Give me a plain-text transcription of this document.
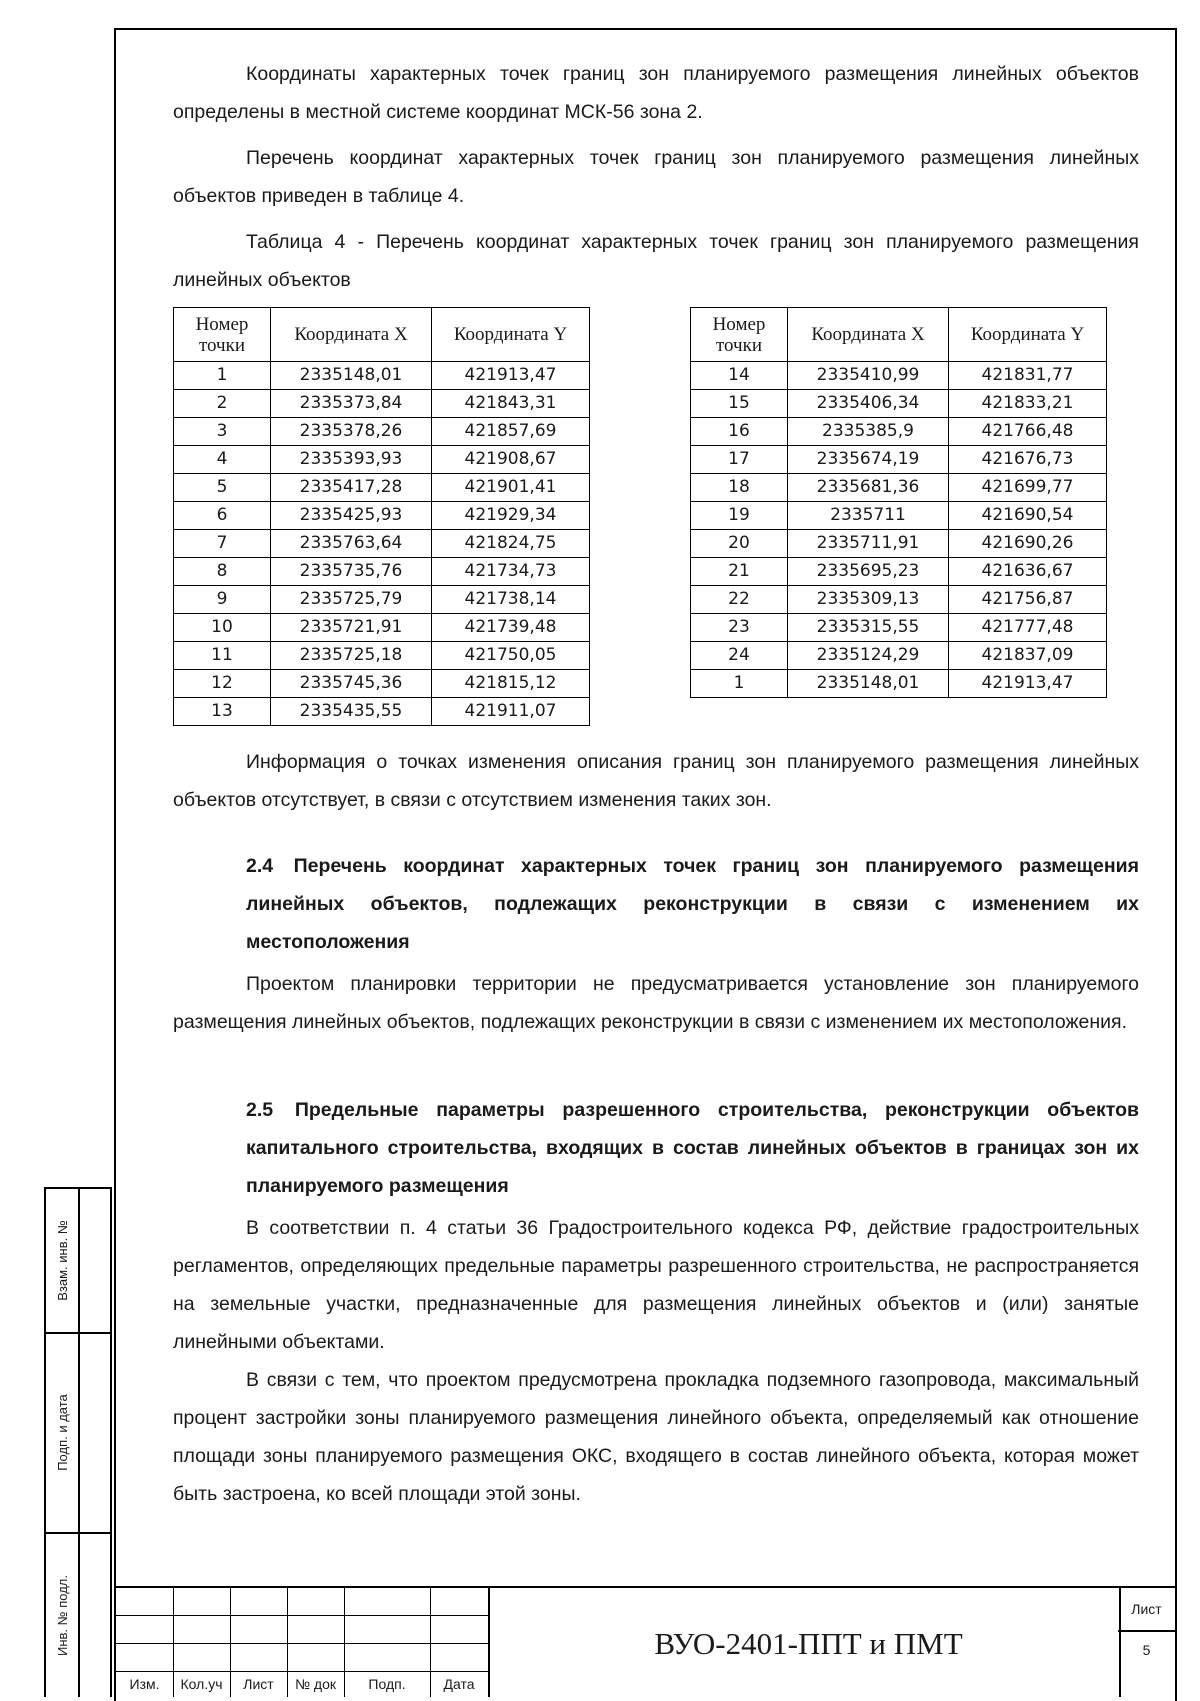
Координаты характерных точек границ зон планируемого размещения линейных объектов определены в местной системе координат МСК-56 зона 2.

Перечень координат характерных точек границ зон планируемого размещения линейных объектов приведен в таблице 4.

Таблица 4 - Перечень координат характерных точек границ зон планируемого размещения линейных объектов

Номер точки	Координата X	Координата Y
1	2335148,01	421913,47
2	2335373,84	421843,31
3	2335378,26	421857,69
4	2335393,93	421908,67
5	2335417,28	421901,41
6	2335425,93	421929,34
7	2335763,64	421824,75
8	2335735,76	421734,73
9	2335725,79	421738,14
10	2335721,91	421739,48
11	2335725,18	421750,05
12	2335745,36	421815,12
13	2335435,55	421911,07
Номер точки	Координата X	Координата Y
14	2335410,99	421831,77
15	2335406,34	421833,21
16	2335385,9	421766,48
17	2335674,19	421676,73
18	2335681,36	421699,77
19	2335711	421690,54
20	2335711,91	421690,26
21	2335695,23	421636,67
22	2335309,13	421756,87
23	2335315,55	421777,48
24	2335124,29	421837,09
1	2335148,01	421913,47

Информация о точках изменения описания границ зон планируемого размещения линейных объектов отсутствует, в связи с отсутствием изменения таких зон.

2.4 Перечень координат характерных точек границ зон планируемого размещения линейных объектов, подлежащих реконструкции в связи с изменением их местоположения

Проектом планировки территории не предусматривается установление зон планируемого размещения линейных объектов, подлежащих реконструкции в связи с изменением их местоположения.

2.5 Предельные параметры разрешенного строительства, реконструкции объектов капитального строительства, входящих в состав линейных объектов в границах зон их планируемого размещения

В соответствии п. 4 статьи 36 Градостроительного кодекса РФ, действие градостроительных регламентов, определяющих предельные параметры разрешенного строительства, не распространяется на земельные участки, предназначенные для размещения линейных объектов и (или) занятые линейными объектами.

В связи с тем, что проектом предусмотрена прокладка подземного газопровода, максимальный процент застройки зоны планируемого размещения линейного объекта, определяемый как отношение площади зоны планируемого размещения ОКС, входящего в состав линейного объекта, которая может быть застроена, ко всей площади этой зоны.

Взам. инв. №
Подп. и дата
Инв. № подл.
Изм.	Кол.уч	Лист	№ док	Подп.	Дата
ВУО-2401-ППТ и ПМТ
Лист
5
